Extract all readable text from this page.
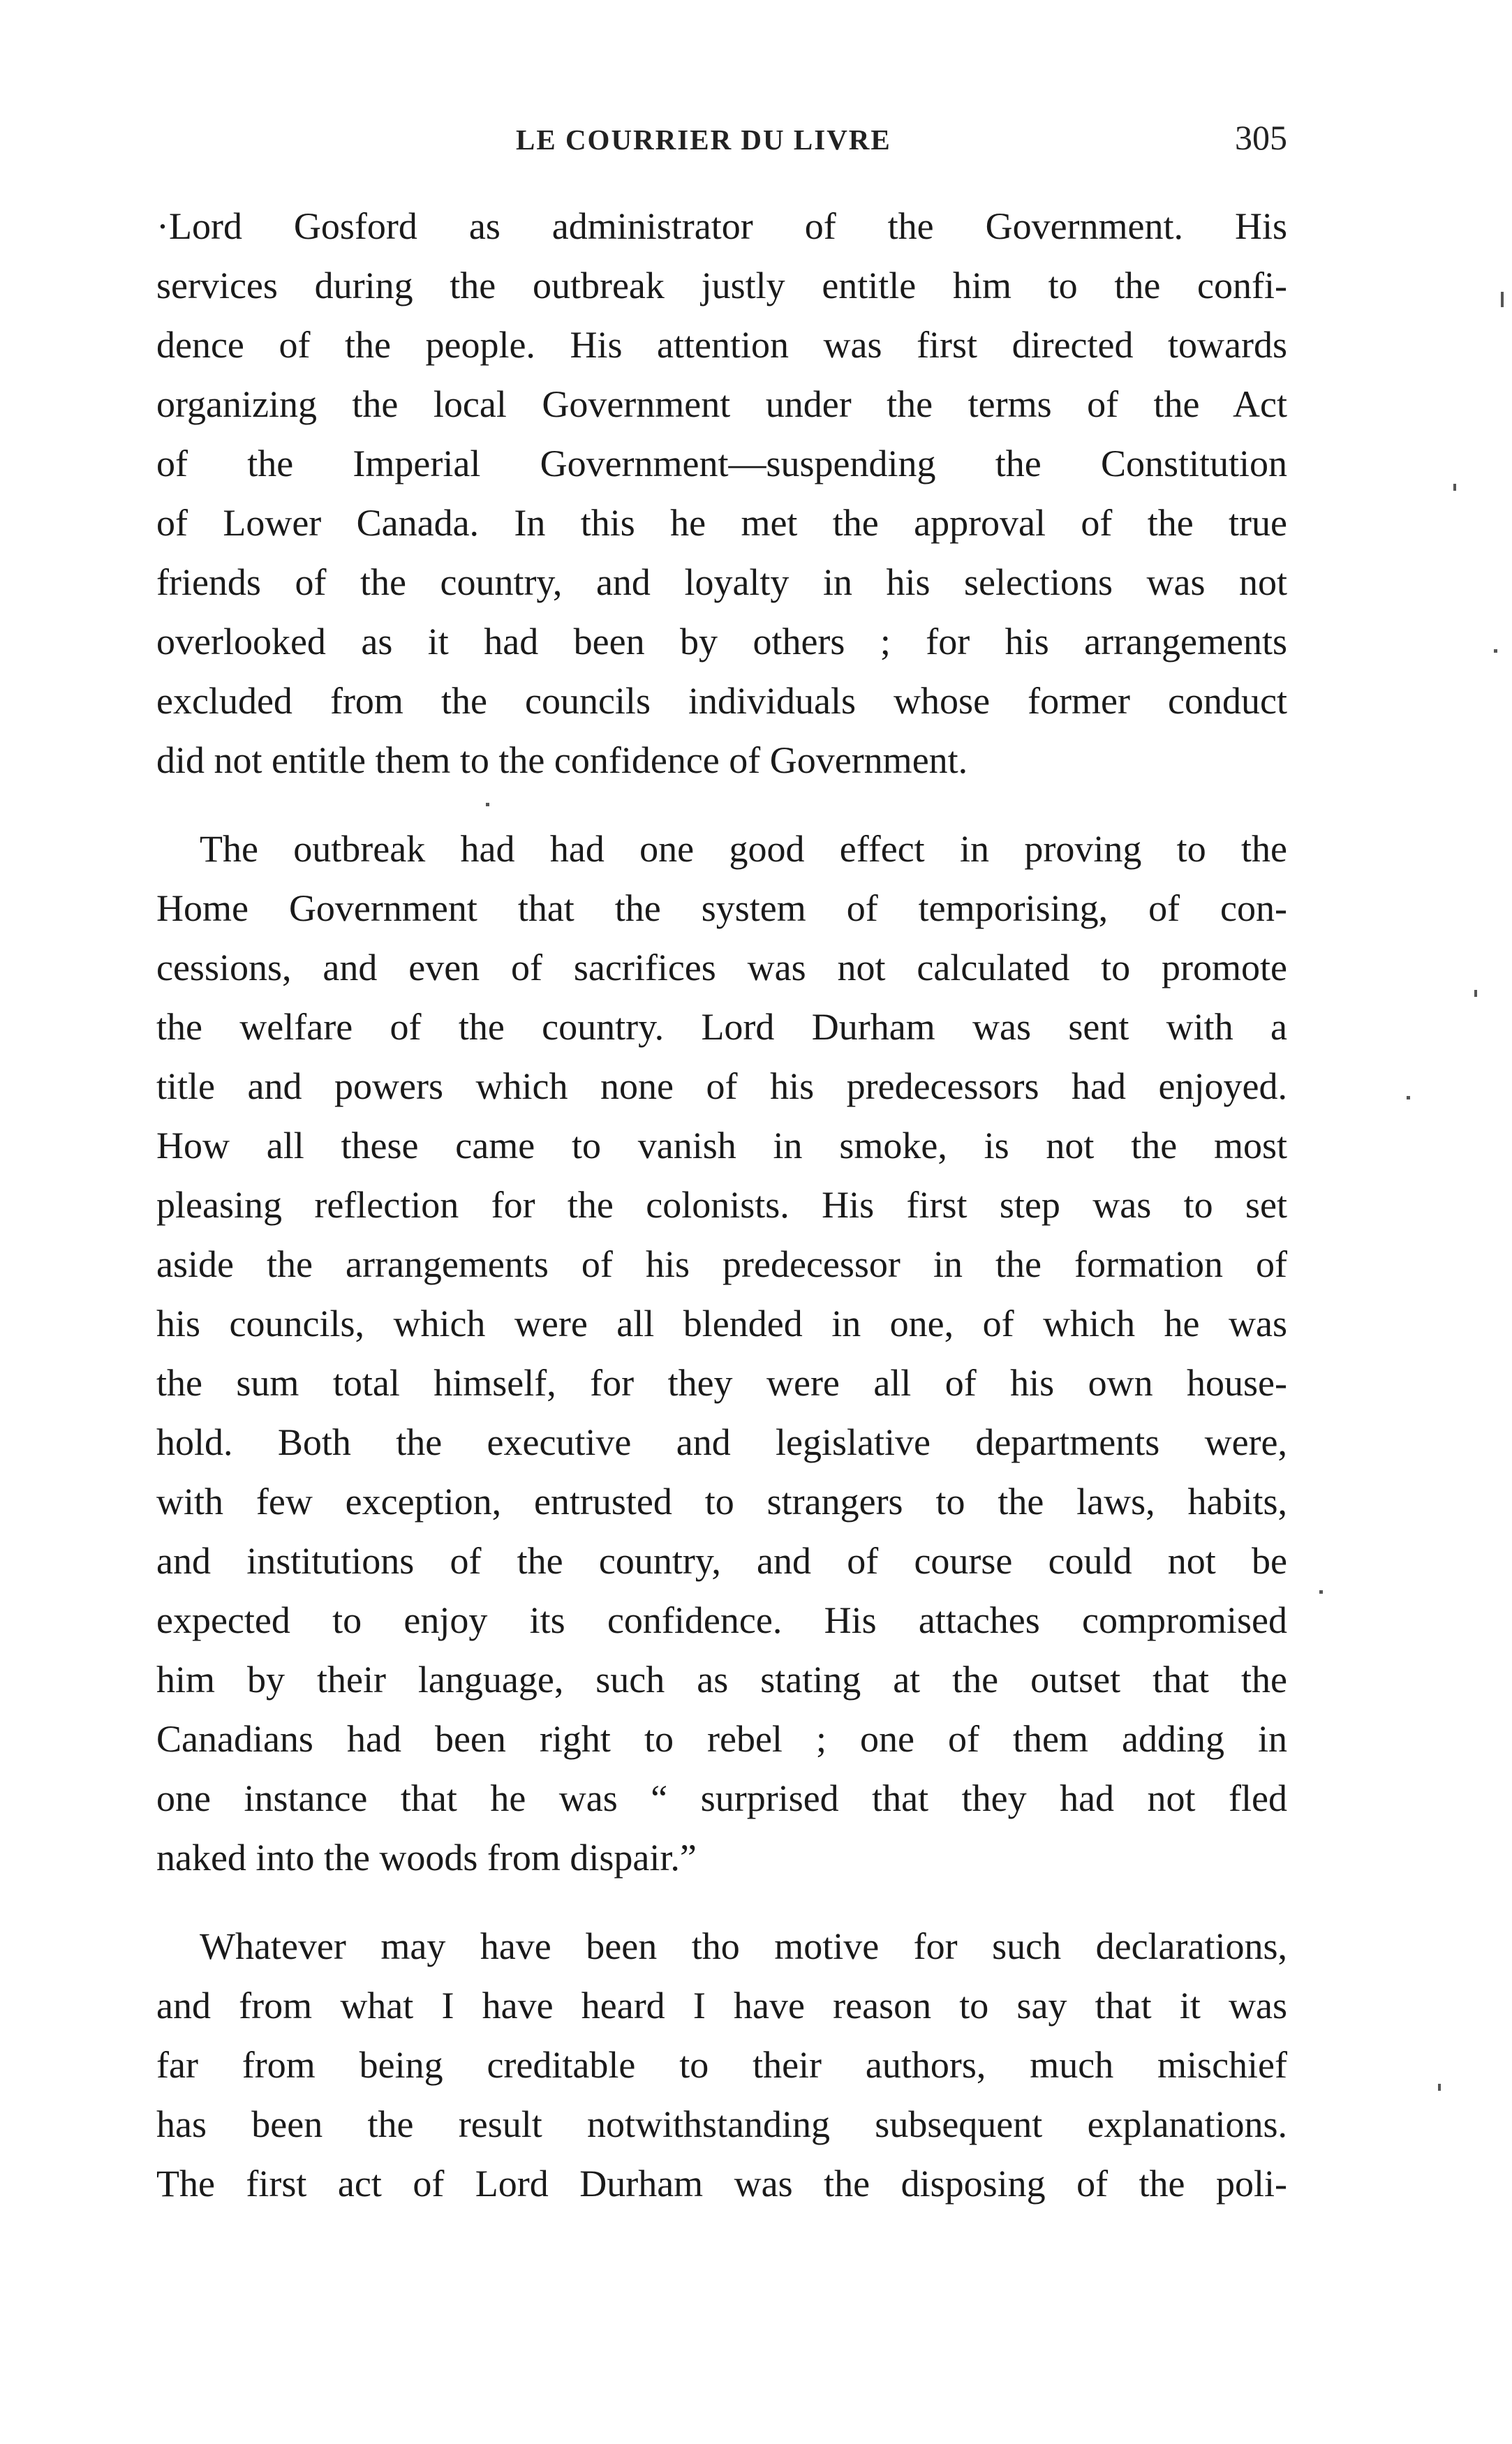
LE COURRIER DU LIVRE	305
·Lord Gosford as administrator of the Government. His
services during the outbreak justly entitle him to the confi-
dence of the people. His attention was first directed towards
organizing the local Government under the terms of the Act
of the Imperial Government—suspending the Constitution
of Lower Canada. In this he met the approval of the true
friends of the country, and loyalty in his selections was not
overlooked as it had been by others ; for his arrangements
excluded from the councils individuals whose former conduct
did not entitle them to the confidence of Government.
The outbreak had had one good effect in proving to the
Home Government that the system of temporising, of con-
cessions, and even of sacrifices was not calculated to promote
the welfare of the country. Lord Durham was sent with a
title and powers which none of his predecessors had enjoyed.
How all these came to vanish in smoke, is not the most
pleasing reflection for the colonists. His first step was to set
aside the arrangements of his predecessor in the formation of
his councils, which were all blended in one, of which he was
the sum total himself, for they were all of his own house-
hold. Both the executive and legislative departments were,
with few exception, entrusted to strangers to the laws, habits,
and institutions of the country, and of course could not be
expected to enjoy its confidence. His attaches compromised
him by their language, such as stating at the outset that the
Canadians had been right to rebel ; one of them adding in
one instance that he was “ surprised that they had not fled
naked into the woods from dispair.”
Whatever may have been tho motive for such declarations,
and from what I have heard I have reason to say that it was
far from being creditable to their authors, much mischief
has been the result notwithstanding subsequent explanations.
The first act of Lord Durham was the disposing of the poli-
